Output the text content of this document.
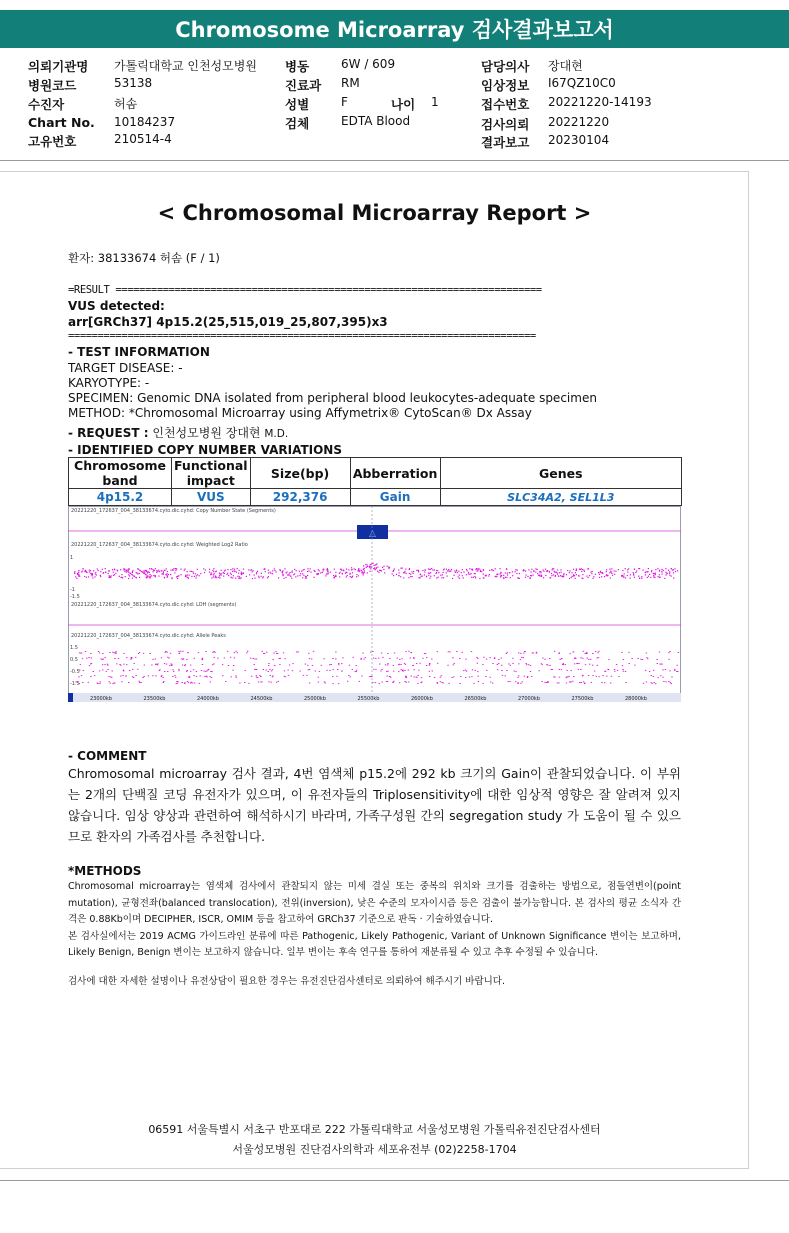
Chromosome Microarray 검사결과보고서
의뢰기관명 가톨릭대학교 인천성모병원
병원코드	53138
수진자	허솜
Chart No. 10184237
고유번호	210514-4
병동	6W / 609
진료과 RM
성별	F	나이 1
검체	EDTA Blood
담당의사 장대현
임상정보 I67QZ10C0
접수번호 20221220-14193
검사의뢰 20221220
결과보고 20230104
< Chromosomal Microarray Report >
환자: 38133674 허솜 (F / 1)
=RESULT ========================================================================
VUS detected:
arr[GRCh37] 4p15.2(25,515,019_25,807,395)x3
===============================================================================
- TEST INFORMATION
TARGET DISEASE: -
KARYOTYPE: -
SPECIMEN: Genomic DNA isolated from peripheral blood leukocytes-adequate specimen
METHOD: *Chromosomal Microarray using Affymetrix® CytoScan® Dx Assay
- REQUEST : 인천성모병원 장대현 M.D.
- IDENTIFIED COPY NUMBER VARIATIONS
Chromosome band	Functional impact	Size(bp)	Abberration	Genes
4p15.2	VUS	292,376	Gain	SLC34A2, SEL1L3
20221220_172637_004_38133674.cyto.dic.cyhd: Copy Number State (Segments)
△
20221220_172637_004_38133674.cyto.dic.cyhd: Weighted Log2 Ratio
1
-1
-1.5
20221220_172637_004_38133674.cyto.dic.cyhd: LOH (segments)
20221220_172637_004_38133674.cyto.dic.cyhd: Allele Peaks
1.5
0.5
-0.5
-1.5
23000kb	23500kb	24000kb	24500kb	25000kb	25500kb	26000kb	26500kb	27000kb	27500kb	28000kb
- COMMENT
Chromosomal microarray 검사 결과, 4번 염색체 p15.2에 292 kb 크기의 Gain이 관찰되었습니다. 이 부위는 2개의 단백질 코딩 유전자가 있으며, 이 유전자들의 Triplosensitivity에 대한 임상적 영향은 잘 알려져 있지 않습니다. 임상 양상과 관련하여 해석하시기 바라며, 가족구성원 간의 segregation study 가 도움이 될 수 있으므로 환자의 가족검사를 추천합니다.
*METHODS

Chromosomal microarray는 염색체 검사에서 관찰되지 않는 미세 결실 또는 중복의 위치와 크기를 검출하는 방법으로, 점돌연변이(point mutation), 균형전좌(balanced translocation), 전위(inversion), 낮은 수준의 모자이시즘 등은 검출이 불가능합니다. 본 검사의 평균 소식자 간격은 0.88Kb이며 DECIPHER, ISCR, OMIM 등을 참고하여 GRCh37 기준으로 판독 · 기술하였습니다.

본 검사실에서는 2019 ACMG 가이드라인 분류에 따른 Pathogenic, Likely Pathogenic, Variant of Unknown Significance 변이는 보고하며, Likely Benign, Benign 변이는 보고하지 않습니다. 일부 변이는 후속 연구를 통하여 재분류될 수 있고 추후 수정될 수 있습니다.

검사에 대한 자세한 설명이나 유전상담이 필요한 경우는 유전진단검사센터로 의뢰하여 해주시기 바랍니다.

06591 서울특별시 서초구 반포대로 222 가톨릭대학교 서울성모병원 가톨릭유전진단검사센터
서울성모병원 진단검사의학과 세포유전부 (02)2258-1704
